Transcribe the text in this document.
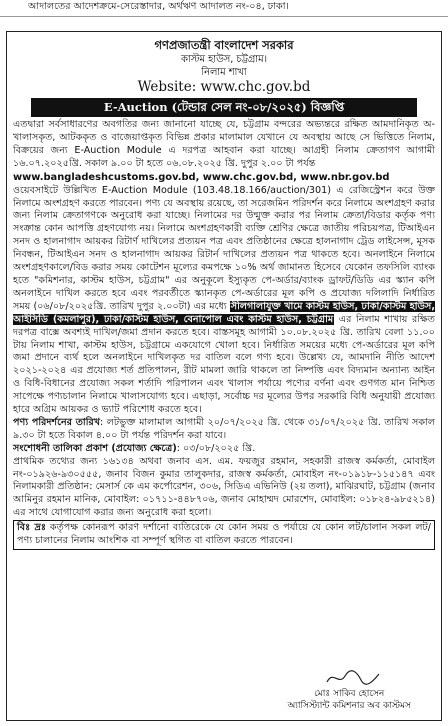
আদালতের আদেশক্রমে-সেরেস্তাদার, অর্থঋণ আদালত নং-০৪, ঢাকা।
গণপ্রজাতন্ত্রী বাংলাদেশ সরকার
কাস্টম হাউস, চট্টগ্রাম।
নিলাম শাখা
Website: www.chc.gov.bd
E-Auction (টেন্ডার সেল নং-০৮/২০২৫) বিজ্ঞপ্তি

এতদ্বারা সর্বসাধারণের অবগতির জন্য জানানো যাচ্ছে যে, চট্টগ্রাম বন্দরের অভ্যন্তরে রক্ষিত আমদানিকৃত অ-খালাসকৃত, আটককৃত ও বাজেয়াপ্তকৃত বিভিন্ন প্রকার মালামাল যেখানে যে অবস্থায় আছে সে ভিত্তিতে নিলাম, বিক্রয়ের জন্য E-Auction Module এ দরপত্র আহবান করা যাচ্ছে। আগ্রহী নিলাম ক্রেতাগণ আগামী ১৬.০৭.২০২৫খ্রি. সকাল ৯.০০ টা হতে ০৬.০৮.২০২৫ খ্রি. দুপুর ২.০০ টা পর্যন্ত

www.bangladeshcustoms.gov.bd, www.chc.gov.bd, www.nbr.gov.bd

ওয়েবসাইটে উল্লিখিত E-Auction Module (103.48.18.166/auction/301) এ রেজিস্ট্রেশন করে উক্ত নিলামে অংশগ্রহণ করতে পারবেন। পণ্য যে অবস্থায় রয়েছে, তা সরেজমিন পরিদর্শন করে নিলামে অংশগ্রহণ করার জন্য নিলাম ক্রেতাগণকে অনুরোধ করা যাচ্ছে। নিলামের দর উন্মুক্ত করার পর নিলাম ক্রেতা/বিডার কর্তৃক পণ্য সংক্রান্ত কোন আপত্তি গ্রহণযোগ্য নয়। নিলামে অংশগ্রহণকারী ব্যক্তি শ্রেণির ক্ষেত্রে জাতীয় পরিচয়পত্র, টিআইএন সনদ ও হালনাগাদ আয়কর রিটার্ণ দাখিলের প্রত্যয়ন পত্র এবং প্রতিষ্ঠানের ক্ষেত্রে হালনাগাদ ট্রেড লাইসেন্স, মূসক নিবন্ধন, টিআইএন সনদ ও হালনাগাদ আয়কর রিটার্ন দাখিলের প্রত্যয়ন পত্র থাকতে হবে। অনলাইনে নিলামে অংশগ্রহণকালে/বিড করার সময় কোটেশন মূল্যের কমপক্ষে ১০% অর্থ জামানত হিসেবে যেকোন তফসিলি ব্যাংক হতে "কমিশনার, কাস্টম হাউস, চট্টগ্রাম" এর অনুকূলে ইস্যুকৃত পে-অর্ডার/ব্যাংক ড্রাফট/ডিডি এর স্ক্যান কপি অনলাইনে দাখিল করতে হবে এবং পরবর্তীতে স্ক্যানকৃত পে-অর্ডারের মূল কপি ও প্রযোজ্য দলিলাদি নির্ধারিত সময় (০৬/০৮/২০২৫খ্রি. তারিখ দুপুর ২.০০টা) এর মধ্যে সীলগালাযুক্ত খামে কাস্টম হাউস, ঢাকা/কাস্টম হাউস, আইসিডি (কমলাপুর), ঢাকা/কাস্টম হাউস, বেনাপোল এবং কাস্টম হাউস, চট্টগ্রাম এর নিলাম শাখায় রক্ষিত দরপত্র বাক্সে অবশ্যই দাখিল/জমা প্রদান করতে হবে। বাস্তসমূহ আগামী ১০.০৮.২০২৫ খ্রি. তারিখ বেলা ১১.০০ টায় নিলাম শাখা, কাস্টম হাউস, চট্টগ্রামে একযোগে খোলা হবে। নির্ধারিত সময়ের মধ্যে পে-অর্ডারের মূল কপি জমা প্রদানে ব্যর্থ হলে অনলাইনে দাখিলকৃত দর বাতিল বলে গণ্য হবে। উল্লেখ্য যে, আমদানি নীতি আদেশ ২০২১-২০২৪ এর প্রযোজ্য শর্ত প্রতিপালন, রীট মামলা জারি থাকলে তা নিষ্পত্তি এবং বিদ্যমান অন্যান্য আইন ও বিধি-বিধানের প্রযোজ্য সকল শর্তাদি পরিপালন এবং খালাস পর্যায়ে পণ্যের বর্ণনা এবং গুণগত মান নিশ্চিত সাপেক্ষে পণ্যচালান নিলামে খালাসযোগ্য হবে। এছাড়া, সর্বোচ্চ দর মূল্যের উপর সরকারি বিধি অনুযায়ী প্রযোজ্য হারে অগ্রিম আয়কর ও ভ্যাট পরিশোধ করতে হবে।

পণ্য পরিদর্শনের তারিখ: লটভুক্ত মালামাল আগামী ২০/০৭/২০২৫ খ্রি. থেকে ৩১/০৭/২০২৫ খ্রি. তারিখ সকাল ৯.৩০ টা হতে বিকাল ৪.০০ টা পর্যন্ত পরিদর্শন করা যাবে।

সংশোধনী তালিকা প্রকাশ (প্রযোজ্য ক্ষেত্রে): ০৩/০৮/২০২৫ খ্রি.

প্রাথমিক তথ্যের জন্য ১৬১৩৪ অথবা জনাব এস. এম. ফয়জুর রহমান, সহকারী রাজস্ব কর্মকর্তা, মোবাইল নং-০১৯২৬-৯৩০৫৫৫, জনাব বিজন কুমার তালুকদার, রাজস্ব কর্মকর্তা, মোবাইল নং-০১৯১৮-১১৫১৪৭ এবং নিলামকারী প্রতিষ্ঠান: মেসার্স কে এম কর্পোরেশন, ৩০৬, সিডিএ এভিনিউ (২য় তলা), মাঝিরঘাট, চট্টগ্রাম (জনাব আমিনুর রহমান মানিক, মোবাইল: ০১৭১১-৪৪৮৭০৬, জনাব মোহাম্মদ মোরশেদ, মোবাইল: ০১৮২৪-৯৮৫২১৪) এর সাথে যোগাযোগ করার জন্য অনুরোধ করা হলো।

বিঃ দ্রঃ কর্তৃপক্ষ কোনরূপ কারণ দর্শানো ব্যতিরেকে যে কোন সময় ও পর্যায়ে যে কোন লট/চালান সকল লট/পণ্য চালানের নিলাম আংশিক বা সম্পূর্ণ স্থগিত বা বাতিল করতে পারবেন।

মোঃ সাকিব হোসেন
অ্যাসিস্ট্যান্ট কমিশনার অব কাস্টমস
